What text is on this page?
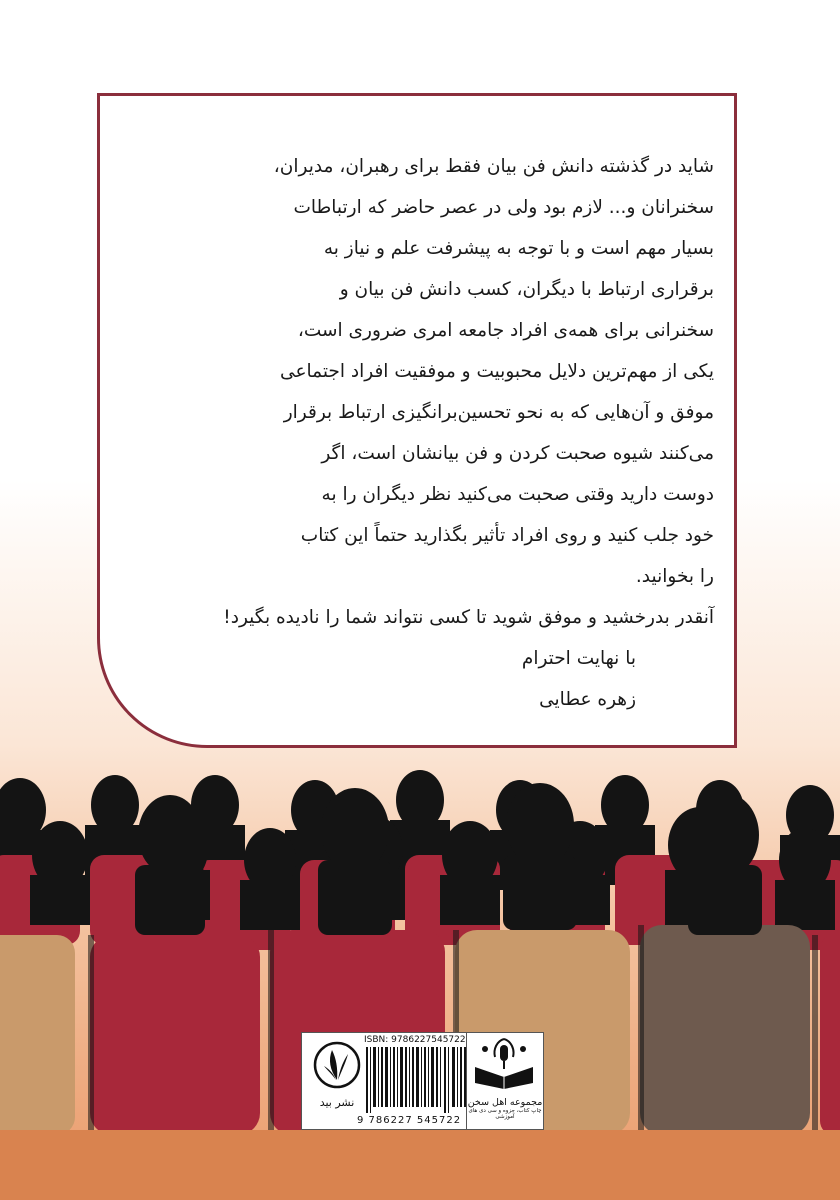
شاید در گذشته دانش فن بیان فقط برای رهبران، مدیران،

سخنرانان و... لازم بود ولی در عصر حاضر که ارتباطات

بسیار مهم است و با توجه به پیشرفت علم و نیاز به

برقراری ارتباط با دیگران، کسب دانش فن بیان و

سخنرانی برای همه‌ی افراد جامعه امری ضروری است،

یکی از مهم‌ترین دلایل محبوبیت و موفقیت افراد اجتماعی

موفق و آن‌هایی که به نحو تحسین‌برانگیزی ارتباط برقرار

می‌کنند شیوه صحبت کردن و فن بیانشان است، اگر

دوست دارید وقتی صحبت می‌کنید نظر دیگران را به

خود جلب کنید و روی افراد تأثیر بگذارید حتماً این کتاب

را بخوانید.

آنقدر بدرخشید و موفق شوید تا کسی نتواند شما را نادیده بگیرد!

با نهایت احترام

زهره عطایی

ISBN: 9786227545722
9 786227 545722
نشر بید	مجموعه اهل سخن
چاپ کتاب، جزوه و سی دی های آموزشی
